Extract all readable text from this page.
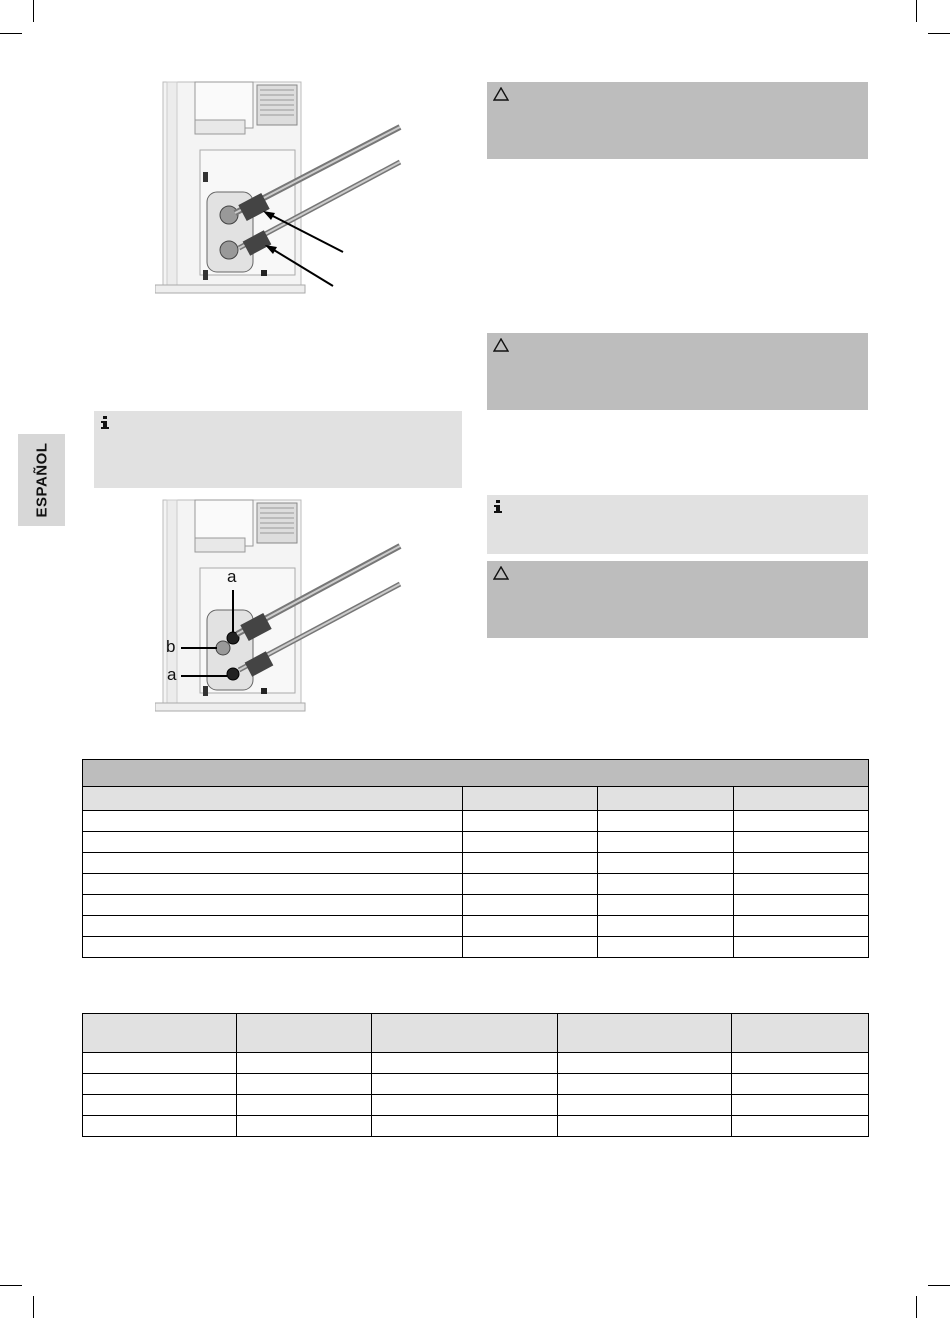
ESPAÑOL
a
b
a
